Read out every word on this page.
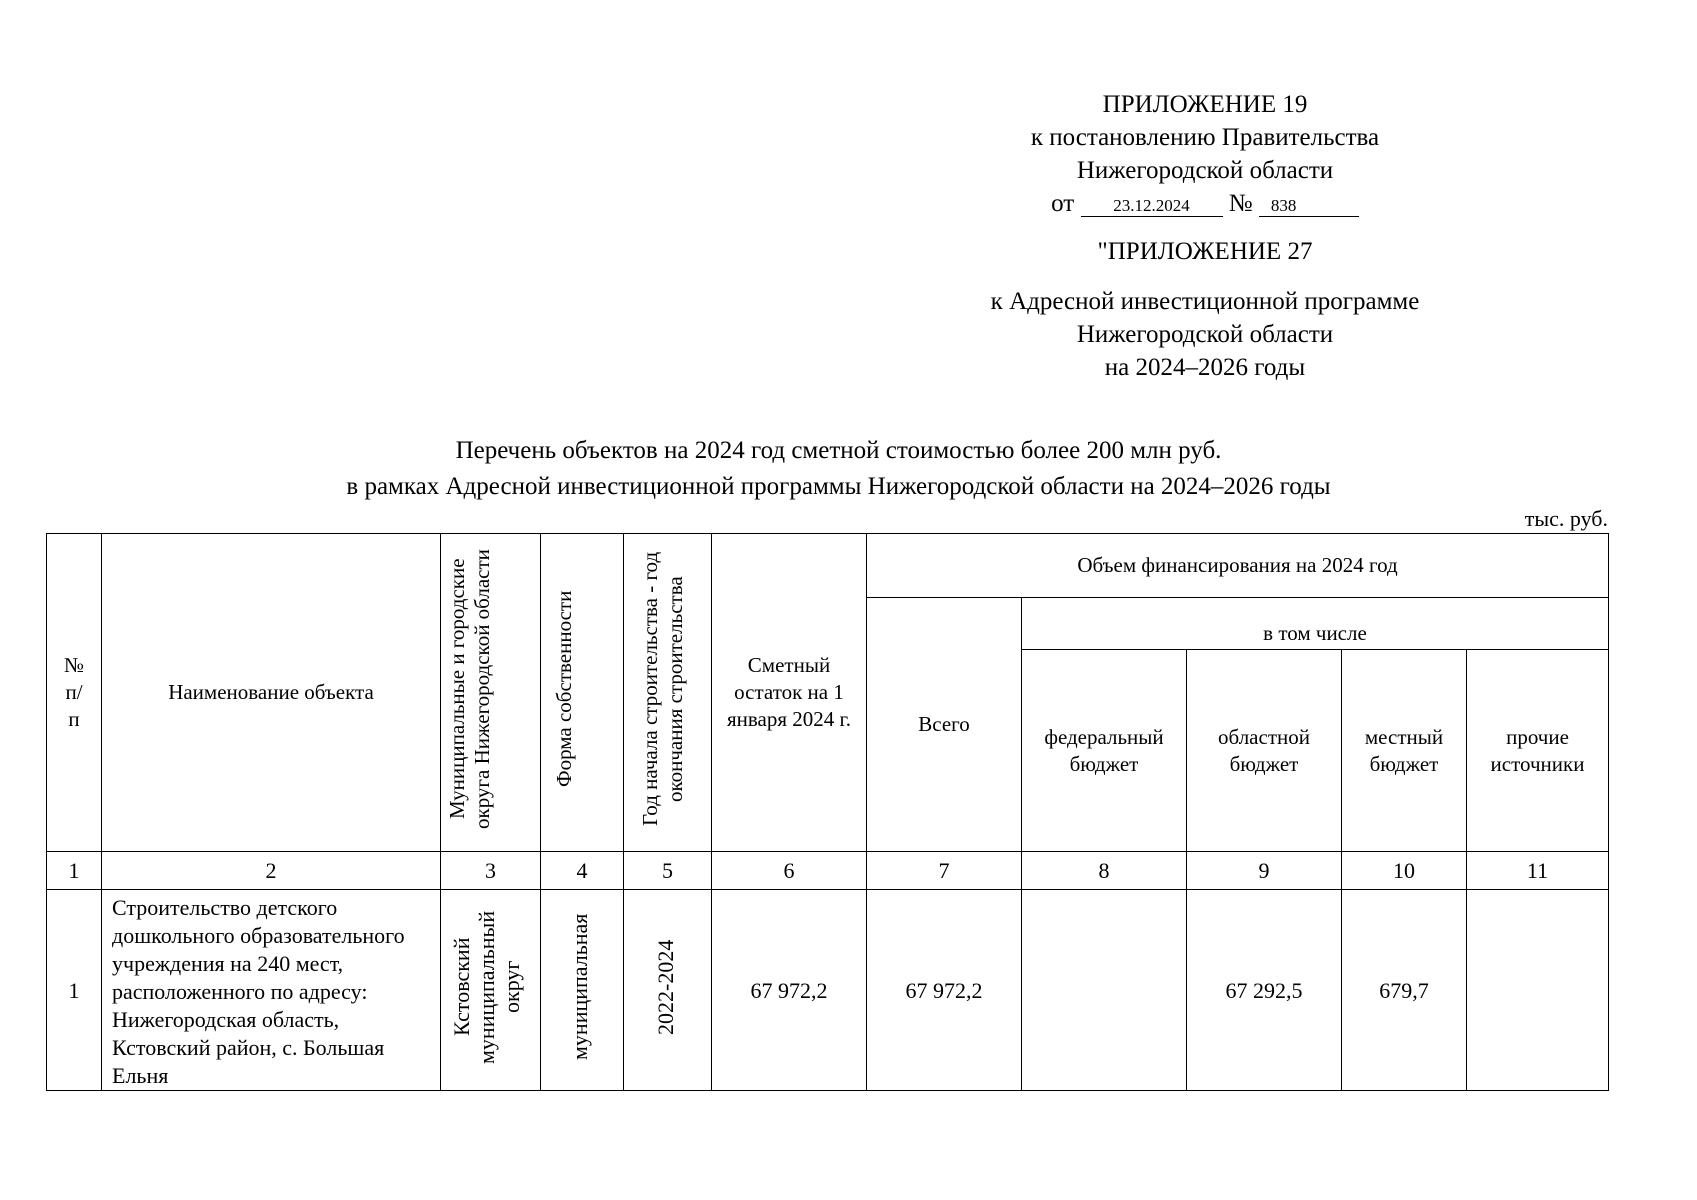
ПРИЛОЖЕНИЕ 19
к постановлению Правительства
Нижегородской области
от 23.12.2024 № 838
"ПРИЛОЖЕНИЕ 27
к Адресной инвестиционной программе
Нижегородской области
на 2024–2026 годы
Перечень объектов на 2024 год сметной стоимостью более 200 млн руб.
в рамках Адресной инвестиционной программы Нижегородской области на 2024–2026 годы
тыс. руб.
№
п/
п	Наименование объекта	Муниципальные и городские округа Нижегородской области	Форма собственности	Год начала строительства - год окончания строительства	Сметный остаток на 1 января 2024 г.	Объем финансирования на 2024 год				
						Всего	в том числе			

							федеральный бюджет	областной бюджет	местный бюджет	прочие источники

1	2	3	4	5	6	7	8	9	10	11
1	Строительство детского дошкольного образовательного учреждения на 240 мест, расположенного по адресу: Нижегородская область, Кстовский район, с. Большая Ельня	Кстовский муниципальный округ	муниципальная	2022-2024	67 972,2	67 972,2		67 292,5	679,7	
